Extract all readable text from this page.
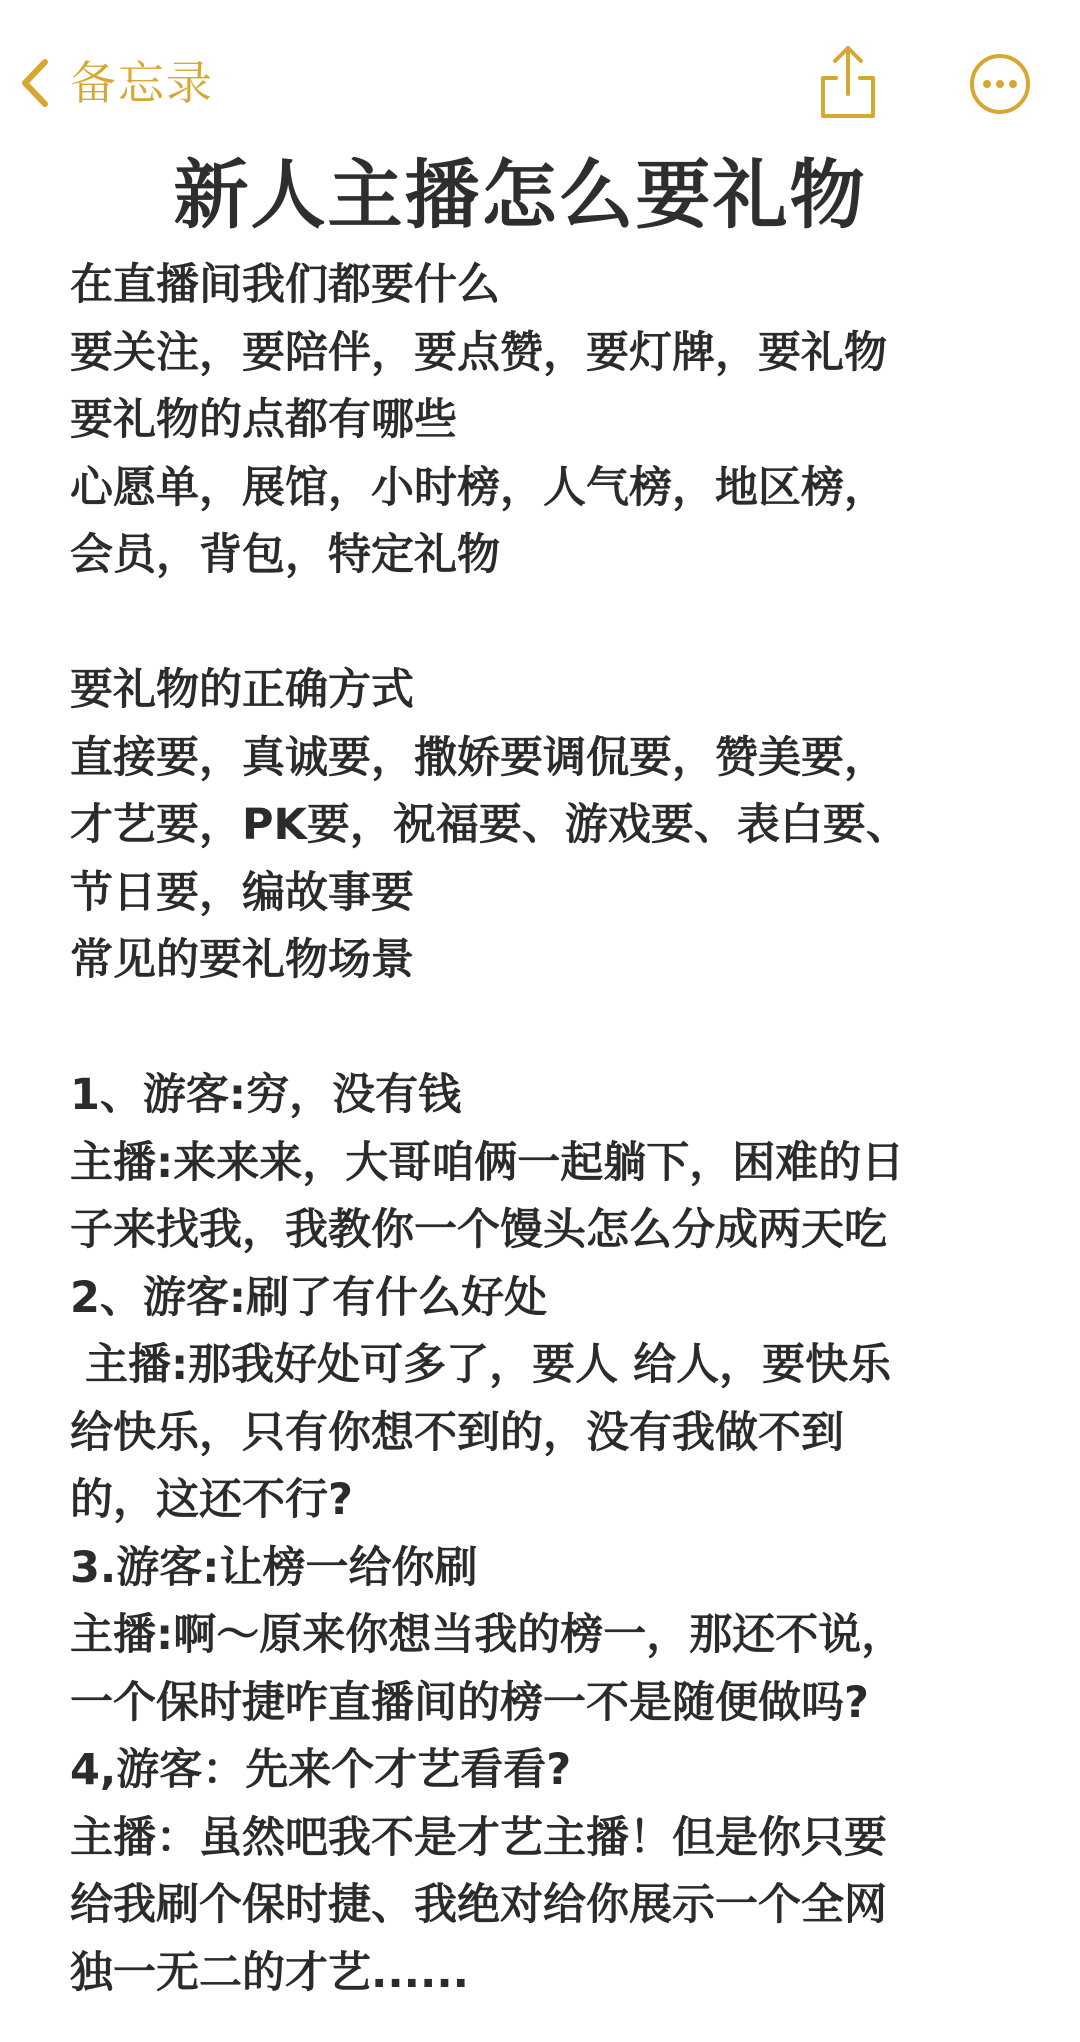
备忘录
新人主播怎么要礼物
在直播间我们都要什么
要关注，要陪伴，要点赞，要灯牌，要礼物
要礼物的点都有哪些
心愿单，展馆，小时榜，人气榜，地区榜，
会员，背包，特定礼物
要礼物的正确方式
直接要，真诚要，撒娇要调侃要，赞美要，
才艺要，PK要，祝福要、游戏要、表白要、
节日要，编故事要
常见的要礼物场景
1、游客:穷，没有钱
主播:来来来，大哥咱俩一起躺下，困难的日
子来找我，我教你一个馒头怎么分成两天吃
2、游客:刷了有什么好处
主播:那我好处可多了，要人 给人，要快乐
给快乐，只有你想不到的，没有我做不到
的，这还不行?
3.游客:让榜一给你刷
主播:啊～原来你想当我的榜一，那还不说，
一个保时捷咋直播间的榜一不是随便做吗?
4,游客：先来个才艺看看?
主播：虽然吧我不是才艺主播！但是你只要
给我刷个保时捷、我绝对给你展示一个全网
独一无二的才艺......
